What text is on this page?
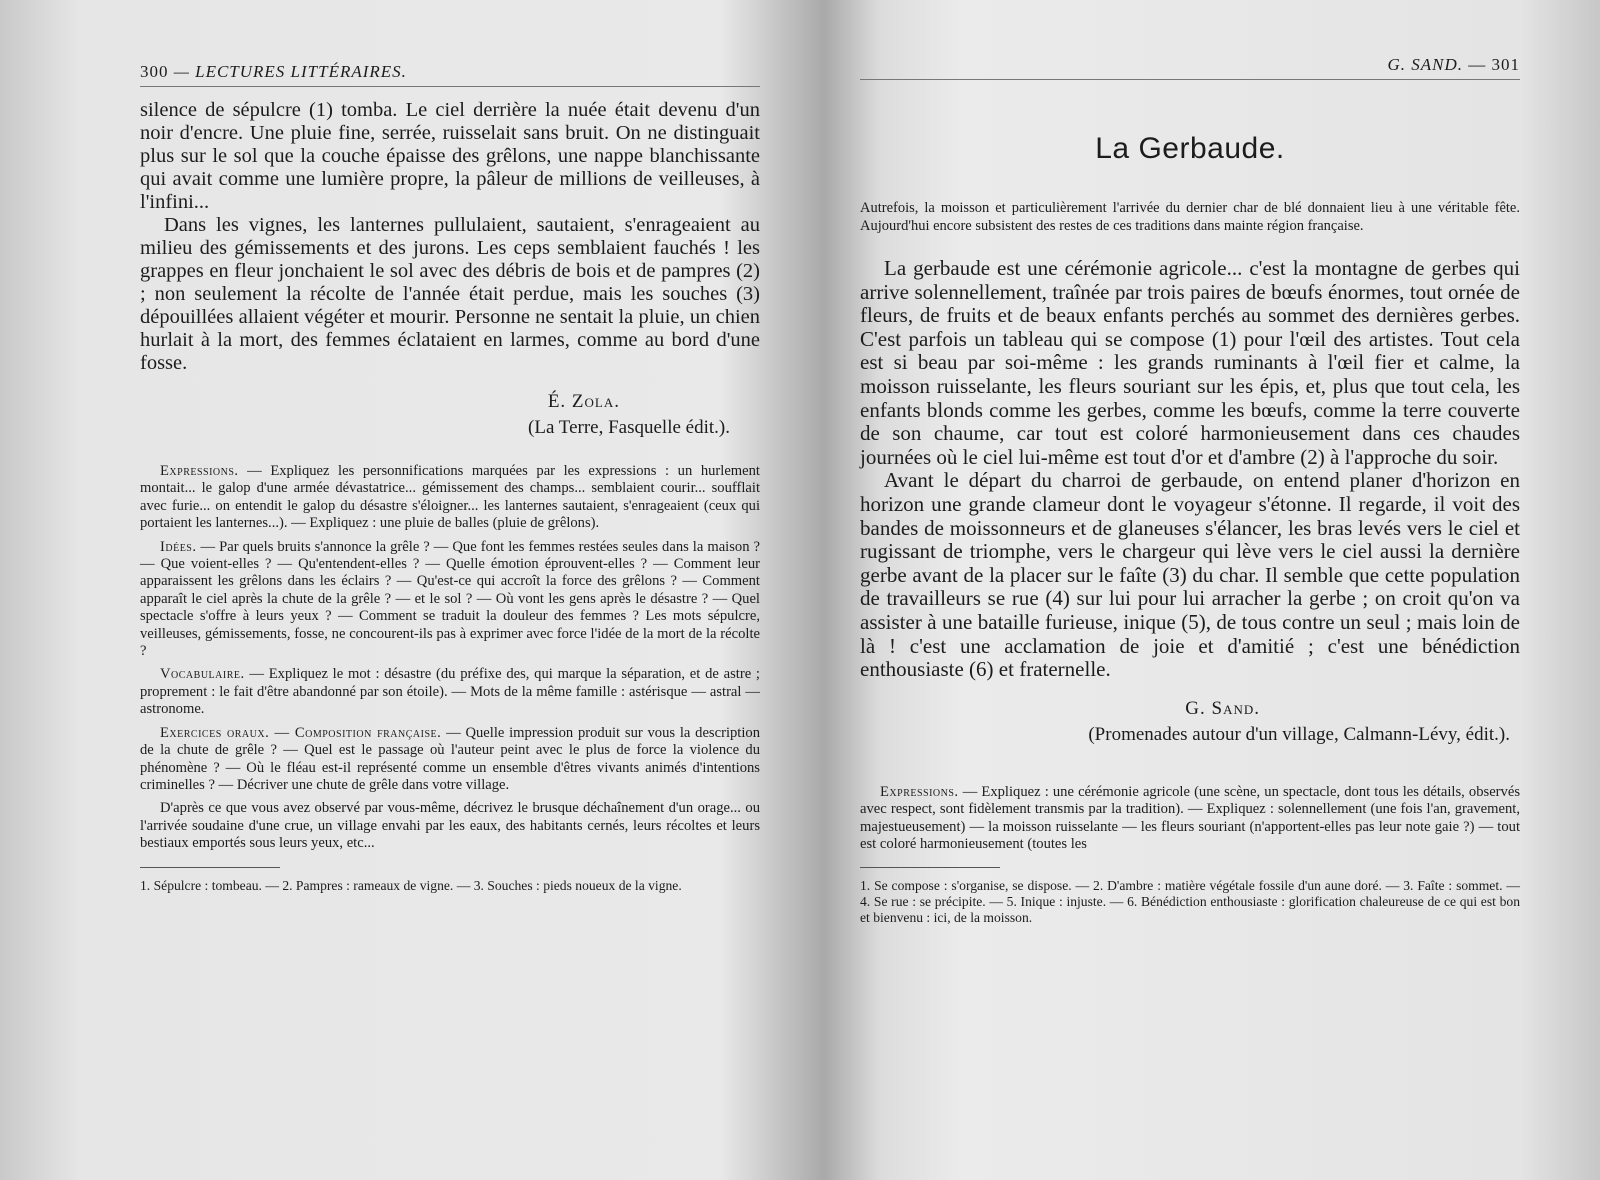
300 — LECTURES LITTÉRAIRES.

silence de sépulcre (1) tomba. Le ciel derrière la nuée était devenu d'un noir d'encre. Une pluie fine, serrée, ruisselait sans bruit. On ne distinguait plus sur le sol que la couche épaisse des grêlons, une nappe blanchissante qui avait comme une lumière propre, la pâleur de millions de veilleuses, à l'infini...

Dans les vignes, les lanternes pullulaient, sautaient, s'enrageaient au milieu des gémissements et des jurons. Les ceps semblaient fauchés ! les grappes en fleur jonchaient le sol avec des débris de bois et de pampres (2) ; non seulement la récolte de l'année était perdue, mais les souches (3) dépouillées allaient végéter et mourir. Personne ne sentait la pluie, un chien hurlait à la mort, des femmes éclataient en larmes, comme au bord d'une fosse.

É. Zola.
(La Terre, Fasquelle édit.).

Expressions. — Expliquez les personnifications marquées par les expressions : un hurlement montait... le galop d'une armée dévastatrice... gémissement des champs... semblaient courir... soufflait avec furie... on entendit le galop du désastre s'éloigner... les lanternes sautaient, s'enrageaient (ceux qui portaient les lanternes...). — Expliquez : une pluie de balles (pluie de grêlons).

Idées. — Par quels bruits s'annonce la grêle ? — Que font les femmes restées seules dans la maison ? — Que voient-elles ? — Qu'entendent-elles ? — Quelle émotion éprouvent-elles ? — Comment leur apparaissent les grêlons dans les éclairs ? — Qu'est-ce qui accroît la force des grêlons ? — Comment apparaît le ciel après la chute de la grêle ? — et le sol ? — Où vont les gens après le désastre ? — Quel spectacle s'offre à leurs yeux ? — Comment se traduit la douleur des femmes ? Les mots sépulcre, veilleuses, gémissements, fosse, ne concourent-ils pas à exprimer avec force l'idée de la mort de la récolte ?

Vocabulaire. — Expliquez le mot : désastre (du préfixe des, qui marque la séparation, et de astre ; proprement : le fait d'être abandonné par son étoile). — Mots de la même famille : astérisque — astral — astronome.

Exercices oraux. — Composition française. — Quelle impression produit sur vous la description de la chute de grêle ? — Quel est le passage où l'auteur peint avec le plus de force la violence du phénomène ? — Où le fléau est-il représenté comme un ensemble d'êtres vivants animés d'intentions criminelles ? — Décriver une chute de grêle dans votre village.

D'après ce que vous avez observé par vous-même, décrivez le brusque déchaînement d'un orage... ou l'arrivée soudaine d'une crue, un village envahi par les eaux, des habitants cernés, leurs récoltes et leurs bestiaux emportés sous leurs yeux, etc...

1. Sépulcre : tombeau. — 2. Pampres : rameaux de vigne. — 3. Souches : pieds noueux de la vigne.
G. SAND. — 301
La Gerbaude.
Autrefois, la moisson et particulièrement l'arrivée du dernier char de blé donnaient lieu à une véritable fête. Aujourd'hui encore subsistent des restes de ces traditions dans mainte région française.

La gerbaude est une cérémonie agricole... c'est la montagne de gerbes qui arrive solennellement, traînée par trois paires de bœufs énormes, tout ornée de fleurs, de fruits et de beaux enfants perchés au sommet des dernières gerbes. C'est parfois un tableau qui se compose (1) pour l'œil des artistes. Tout cela est si beau par soi-même : les grands ruminants à l'œil fier et calme, la moisson ruisselante, les fleurs souriant sur les épis, et, plus que tout cela, les enfants blonds comme les gerbes, comme les bœufs, comme la terre couverte de son chaume, car tout est coloré harmonieusement dans ces chaudes journées où le ciel lui-même est tout d'or et d'ambre (2) à l'approche du soir.

Avant le départ du charroi de gerbaude, on entend planer d'horizon en horizon une grande clameur dont le voyageur s'étonne. Il regarde, il voit des bandes de moissonneurs et de glaneuses s'élancer, les bras levés vers le ciel et rugissant de triomphe, vers le chargeur qui lève vers le ciel aussi la dernière gerbe avant de la placer sur le faîte (3) du char. Il semble que cette population de travailleurs se rue (4) sur lui pour lui arracher la gerbe ; on croit qu'on va assister à une bataille furieuse, inique (5), de tous contre un seul ; mais loin de là ! c'est une acclamation de joie et d'amitié ; c'est une bénédiction enthousiaste (6) et fraternelle.

G. Sand.
(Promenades autour d'un village, Calmann-Lévy, édit.).

Expressions. — Expliquez : une cérémonie agricole (une scène, un spectacle, dont tous les détails, observés avec respect, sont fidèlement transmis par la tradition). — Expliquez : solennellement (une fois l'an, gravement, majestueusement) — la moisson ruisselante — les fleurs souriant (n'apportent-elles pas leur note gaie ?) — tout est coloré harmonieusement (toutes les

1. Se compose : s'organise, se dispose. — 2. D'ambre : matière végétale fossile d'un aune doré. — 3. Faîte : sommet. — 4. Se rue : se précipite. — 5. Inique : injuste. — 6. Bénédiction enthousiaste : glorification chaleureuse de ce qui est bon et bienvenu : ici, de la moisson.
